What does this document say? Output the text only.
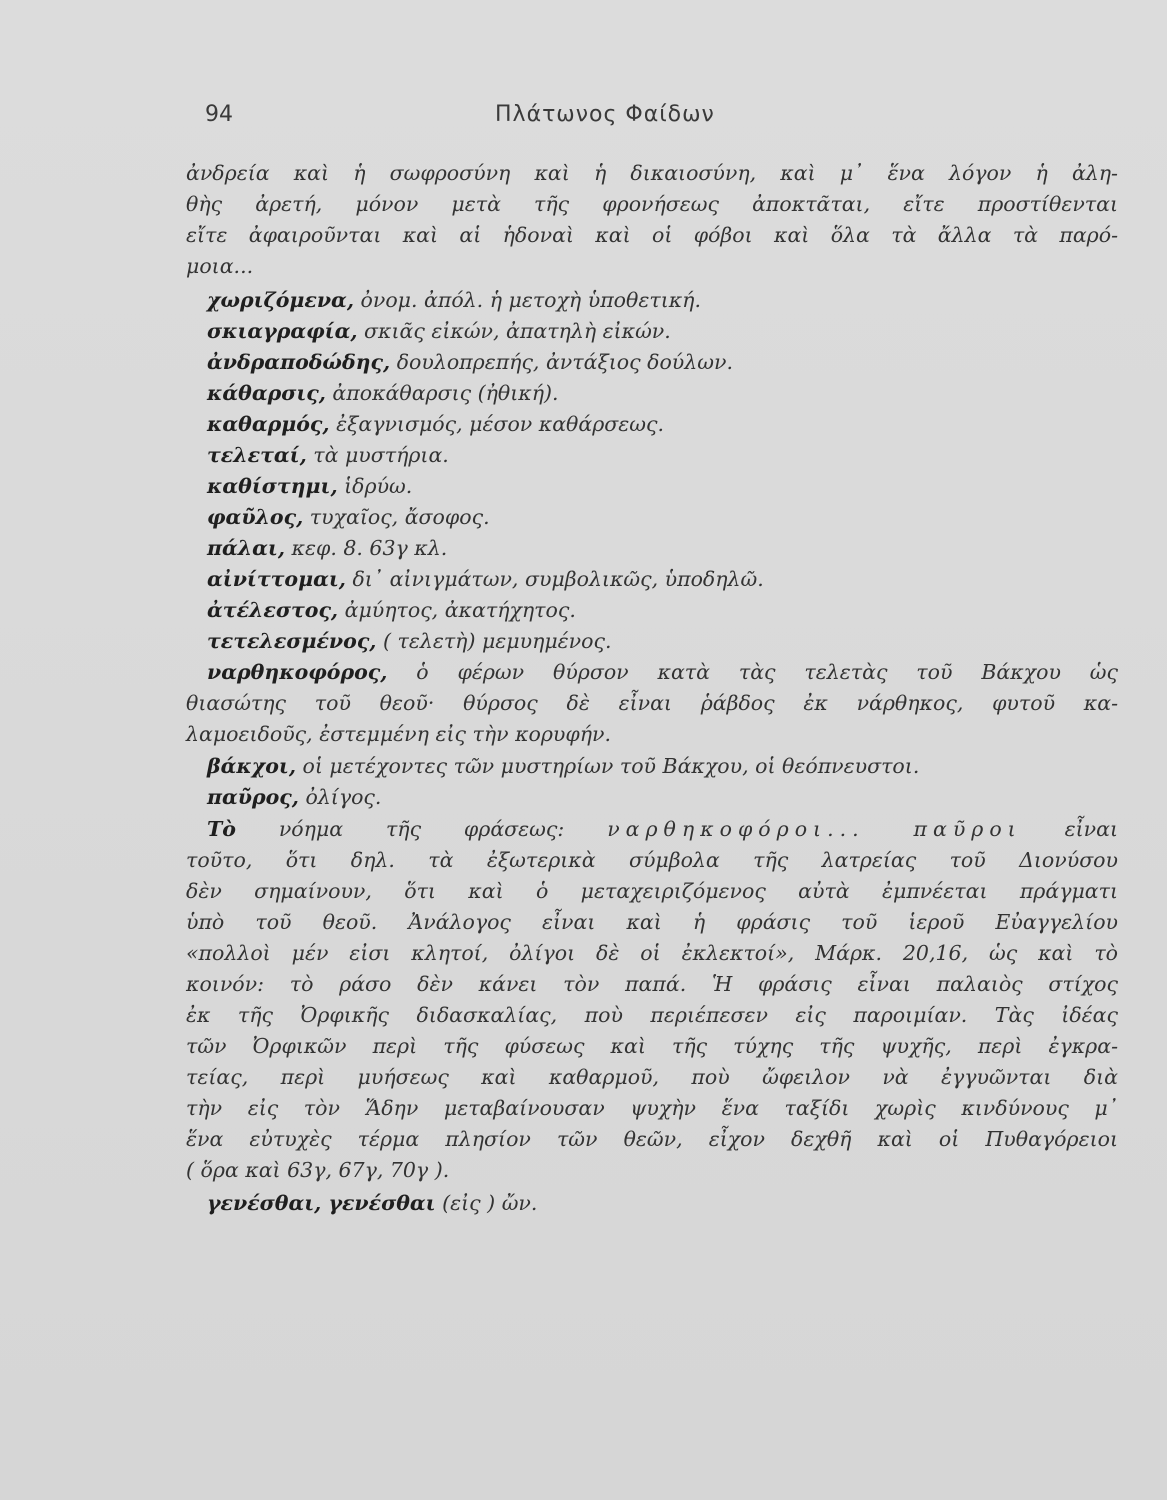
94	Πλάτωνος Φαίδων
ἀνδρεία καὶ ἡ σωφροσύνη καὶ ἡ δικαιοσύνη, καὶ μ᾽ ἕνα λόγον ἡ ἀλη-
θὴς ἀρετή, μόνον μετὰ τῆς φρονήσεως ἀποκτᾶται, εἴτε προστίθενται
εἴτε ἀφαιροῦνται καὶ αἱ ἡδοναὶ καὶ οἱ φόβοι καὶ ὅλα τὰ ἄλλα τὰ παρό-
μοια...
χωριζόμενα, ὀνομ. ἀπόλ. ἡ μετοχὴ ὑποθετική.
σκιαγραφία, σκιᾶς εἰκών, ἀπατηλὴ εἰκών.
ἀνδραποδώδης, δουλοπρεπής, ἀντάξιος δούλων.
κάθαρσις, ἀποκάθαρσις (ἠθική).
καθαρμός, ἐξαγνισμός, μέσον καθάρσεως.
τελεταί, τὰ μυστήρια.
καθίστημι, ἱδρύω.
φαῦλος, τυχαῖος, ἄσοφος.
πάλαι, κεφ. 8. 63γ κλ.
αἰνίττομαι, δι᾽ αἰνιγμάτων, συμβολικῶς, ὑποδηλῶ.
ἀτέλεστος, ἀμύητος, ἀκατήχητος.
τετελεσμένος, ( τελετὴ) μεμυημένος.
ναρθηκοφόρος, ὁ φέρων θύρσον κατὰ τὰς τελετὰς τοῦ Βάκχου ὡς
θιασώτης τοῦ θεοῦ· θύρσος δὲ εἶναι ῥάβδος ἐκ νάρθηκος, φυτοῦ κα-
λαμοειδοῦς, ἐστεμμένη εἰς τὴν κορυφήν.
βάκχοι, οἱ μετέχοντες τῶν μυστηρίων τοῦ Βάκχου, οἱ θεόπνευστοι.
παῦρος, ὀλίγος.
Τὸ νόημα τῆς φράσεως: ναρθηκοφόροι... παῦροι εἶναι
τοῦτο, ὅτι δηλ. τὰ ἐξωτερικὰ σύμβολα τῆς λατρείας τοῦ Διονύσου
δὲν σημαίνουν, ὅτι καὶ ὁ μεταχειριζόμενος αὐτὰ ἐμπνέεται πράγματι
ὑπὸ τοῦ θεοῦ. Ἀνάλογος εἶναι καὶ ἡ φράσις τοῦ ἱεροῦ Εὐαγγελίου
«πολλοὶ μέν εἰσι κλητοί, ὀλίγοι δὲ οἱ ἐκλεκτοί», Μάρκ. 20,16, ὡς καὶ τὸ
κοινόν: τὸ ράσο δὲν κάνει τὸν παπά. Ἡ φράσις εἶναι παλαιὸς στίχος
ἐκ τῆς Ὀρφικῆς διδασκαλίας, ποὺ περιέπεσεν εἰς παροιμίαν. Τὰς ἰδέας
τῶν Ὀρφικῶν περὶ τῆς φύσεως καὶ τῆς τύχης τῆς ψυχῆς, περὶ ἐγκρα-
τείας, περὶ μυήσεως καὶ καθαρμοῦ, ποὺ ὤφειλον νὰ ἐγγυῶνται διὰ
τὴν εἰς τὸν Ἅδην μεταβαίνουσαν ψυχὴν ἕνα ταξίδι χωρὶς κινδύνους μ᾽
ἕνα εὐτυχὲς τέρμα πλησίον τῶν θεῶν, εἶχον δεχθῆ καὶ οἱ Πυθαγόρειοι
( ὅρα καὶ 63γ, 67γ, 70γ ).
γενέσθαι, γενέσθαι (εἰς ) ὤν.
